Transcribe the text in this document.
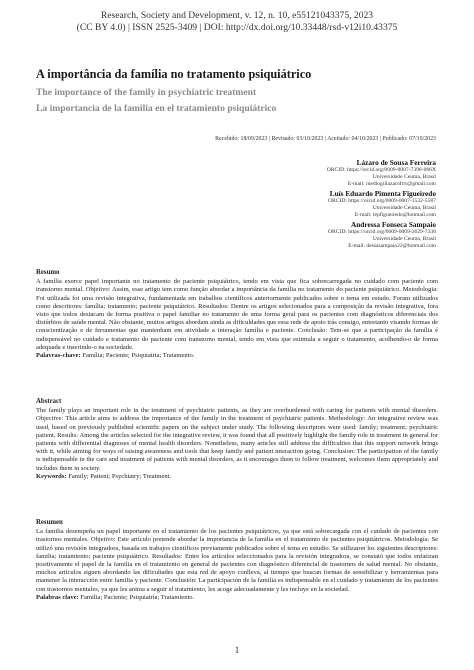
Research, Society and Development, v. 12, n. 10, e55121043375, 2023
(CC BY 4.0) | ISSN 2525-3409 | DOI: http://dx.doi.org/10.33448/rsd-v12i10.43375
A importância da família no tratamento psiquiátrico
The importance of the family in psychiatric treatment
La importancia de la familia en el tratamiento psiquiátrico
Recebido: 18/09/2023 | Revisado: 03/10/2023 | Aceitado: 04/10/2023 | Publicado: 07/10/2023
Lázaro de Sousa Ferreira
ORCID: https://orcid.org/0009-0007-7398-066X
Universidade Ceuma, Brasil
E-mail: medlogiilazarofrrr@gmail.com
Luís Eduardo Pimenta Figueiredo
ORCID: https://orcid.org/0009-0007-1532-5587
Universidade Ceuma, Brasil
E-mail: lepfigueiredo@hotmail.com
Andressa Fonseca Sampaio
ORCID: https://orcid.org/0009-0009-2629-7336
Universidade Ceuma, Brasil
E-mail: dessasampaio22@hotmail.com
Resumo
A família exerce papel importante no tratamento do paciente psiquiátrico, tendo em vista que fica sobrecarregada no cuidado com paciente com transtorno mental. Objetivo: Assim, esse artigo tem como função abordar a importância da família no tratamento do paciente psiquiátrico. Metodologia: Foi utilizada foi uma revisão integrativa, fundamentada em trabalhos científicos anteriormente publicados sobre o tema em estudo. Foram utilizados como descritores: família; tratamento; paciente psiquiátrico. Resultados: Dentre os artigos selecionados para a composição da revisão integrativa, fora visto que todos destacam de forma positiva o papel familiar no tratamento de uma forma geral para os pacientes com diagnósticos diferenciais dos distúrbios de saúde mental. Não obstante, muitos artigos abordam ainda as dificuldades que essa rede de apoio trás consigo, entretanto visando formas de conscientização e de ferramentas que mantenham em atividade a interação família e paciente. Conclusão: Tem-se que a participação da família é indispensável no cuidado e tratamento do paciente com transtorno mental, tendo em vista que estimula a seguir o tratamento, acolhendo-o de forma adequada e inserindo-o na sociedade.
Palavras-chave: Família; Paciente; Psiquiatria; Tratamento.
Abstract
The family plays an important role in the treatment of psychiatric patients, as they are overburdened with caring for patients with mental disorders. Objective: This article aims to address the importance of the family in the treatment of psychiatric patients. Methodology: An integrative review was used, based on previously published scientific papers on the subject under study. The following descriptors were used: family; treatment; psychiatric patient. Results: Among the articles selected for the integrative review, it was found that all positively highlight the family role in treatment in general for patients with differential diagnoses of mental health disorders. Nonetheless, many articles still address the difficulties that this support network brings with it, while aiming for ways of raising awareness and tools that keep family and patient interaction going. Conclusion: The participation of the family is indispensable in the care and treatment of patients with mental disorders, as it encourages them to follow treatment, welcomes them appropriately and includes them in society.
Keywords: Family; Patient; Psychiatry; Treatment.
Resumen
La familia desempeña un papel importante en el tratamiento de los pacientes psiquiátricos, ya que está sobrecargada con el cuidado de pacientes con trastornos mentales. Objetivo: Este artículo pretende abordar la importancia de la familia en el tratamiento de pacientes psiquiátricos. Metodología: Se utilizó una revisión integradora, basada en trabajos científicos previamente publicados sobre el tema en estudio. Se utilizaron los siguientes descriptores: familia; tratamiento; paciente psiquiátrico. Resultados: Entre los artículos seleccionados para la revisión integradora, se constató que todos enfatizan positivamente el papel de la familia en el tratamiento en general de pacientes con diagnóstico diferencial de trastornos de salud mental. No obstante, muchos artículos siguen abordando las dificultades que esta red de apoyo conlleva, al tiempo que buscan formas de sensibilizar y herramientas para mantener la interacción entre familia y paciente. Conclusión: La participación de la familia es indispensable en el cuidado y tratamiento de los pacientes con trastornos mentales, ya que les anima a seguir el tratamiento, les acoge adecuadamente y les incluye en la sociedad.
Palabras clave: Familia; Paciente; Psiquiatría; Tratamiento.
1
